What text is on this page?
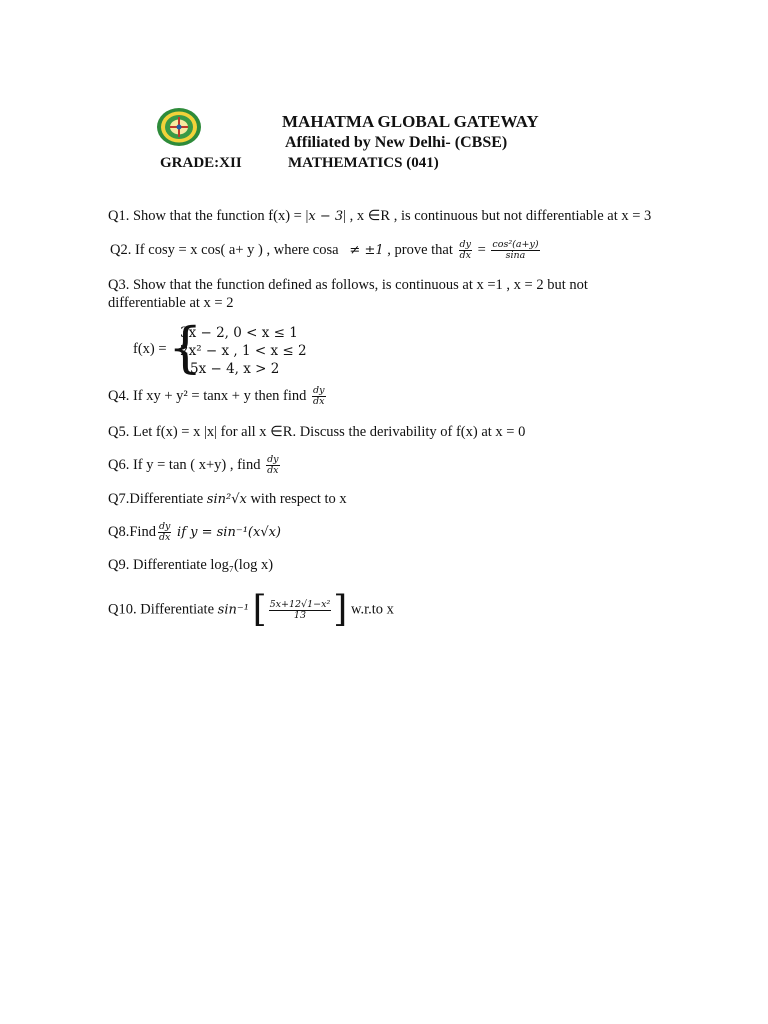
MAHATMA GLOBAL GATEWAY
Affiliated by New Delhi- (CBSE)
GRADE:XII	MATHEMATICS (041)
Q1. Show that the function f(x) = |x − 3| , x ∈R , is continuous but not differentiable at x = 3
Q2. If cosy = x cos( a+ y ) , where cosa ≠ ±1 , prove that $\frac{dy}{dx} = \frac{\text{cos²(a+y)}}{\sin a}$
Q3. Show that the function defined as follows, is continuous at x =1 , x = 2 but not
differentiable at x = 2
f(x) = {
3x − 2, 0 < x ≤ 1
2x² − x , 1 < x ≤ 2
5x − 4, x > 2
Q4. If xy + y² = tanx + y then find $\frac{dy}{dx}$
Q5. Let f(x) = x |x| for all x ∈R. Discuss the derivability of f(x) at x = 0
Q6. If y = tan ( x+y) , find $\frac{dy}{dx}$
Q7.Differentiate sin²√x with respect to x
Q8.Find $\frac{dy}{dx}$ if y = sin⁻¹(x√x)
Q9. Differentiate log₇(log x)
Q10. Differentiate sin⁻¹ [ $\frac{\text{5x+12√1−x²}}{13}$ ] w.r.to x
